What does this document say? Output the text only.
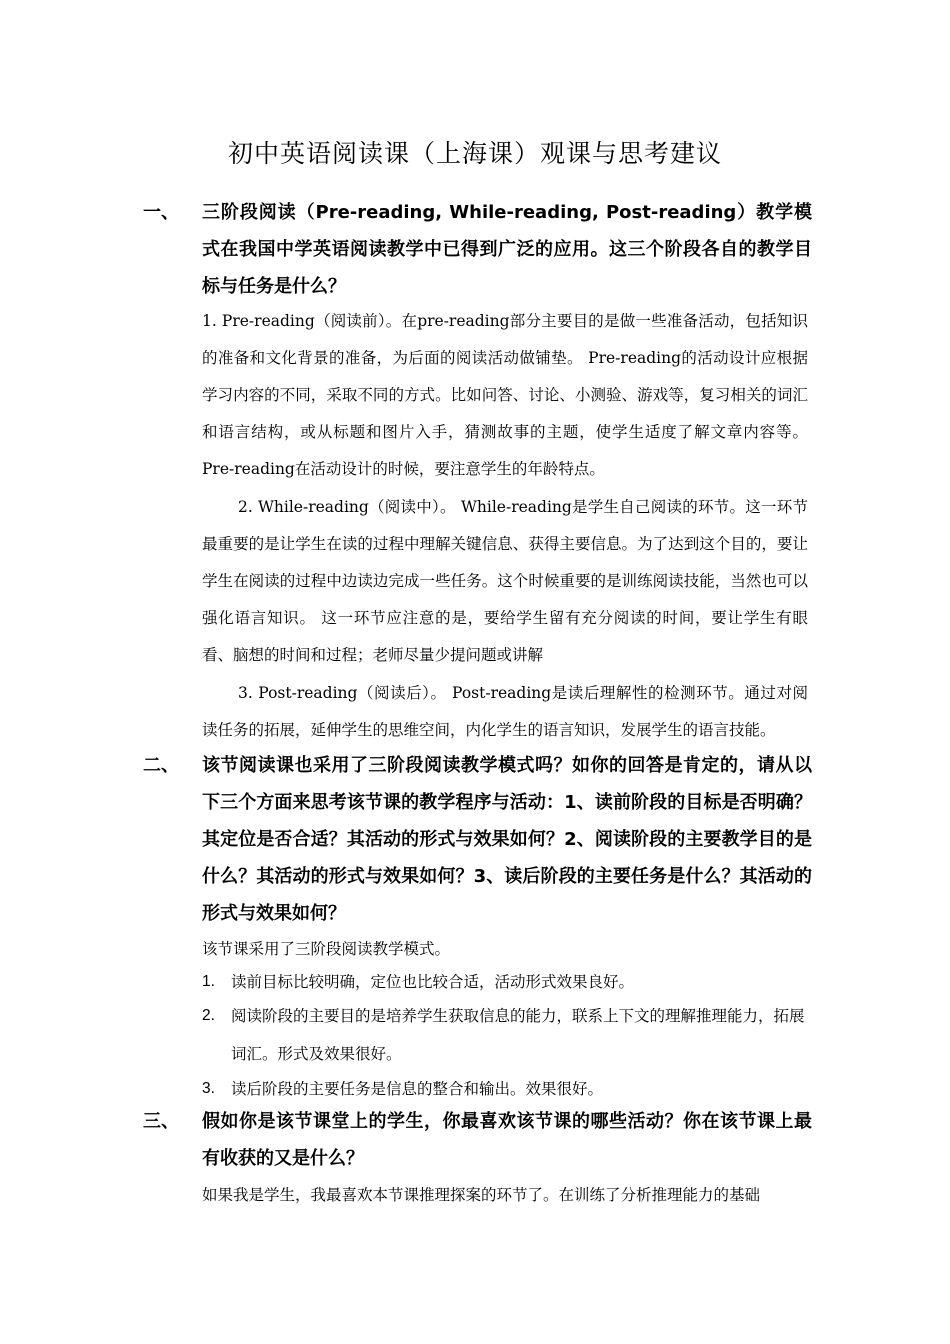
初中英语阅读课（上海课）观课与思考建议
一、 三阶段阅读（Pre-reading, While-reading, Post-reading）教学模式在我国中学英语阅读教学中已得到广泛的应用。这三个阶段各自的教学目标与任务是什么？
1. Pre-reading（阅读前）。在pre-reading部分主要目的是做一些准备活动，包括知识的准备和文化背景的准备，为后面的阅读活动做铺垫。 Pre-reading的活动设计应根据学习内容的不同，采取不同的方式。比如问答、讨论、小测验、游戏等，复习相关的词汇和语言结构，或从标题和图片入手，猜测故事的主题，使学生适度了解文章内容等。 Pre-reading在活动设计的时候，要注意学生的年龄特点。
2. While-reading（阅读中）。 While-reading是学生自己阅读的环节。这一环节最重要的是让学生在读的过程中理解关键信息、获得主要信息。为了达到这个目的，要让学生在阅读的过程中边读边完成一些任务。这个时候重要的是训练阅读技能，当然也可以强化语言知识。 这一环节应注意的是，要给学生留有充分阅读的时间，要让学生有眼看、脑想的时间和过程；老师尽量少提问题或讲解
3. Post-reading（阅读后）。 Post-reading是读后理解性的检测环节。通过对阅读任务的拓展，延伸学生的思维空间，内化学生的语言知识，发展学生的语言技能。
二、 该节阅读课也采用了三阶段阅读教学模式吗？如你的回答是肯定的，请从以下三个方面来思考该节课的教学程序与活动：1、读前阶段的目标是否明确？其定位是否合适？其活动的形式与效果如何？2、阅读阶段的主要教学目的是什么？其活动的形式与效果如何？3、读后阶段的主要任务是什么？其活动的形式与效果如何？
该节课采用了三阶段阅读教学模式。
1. 读前目标比较明确，定位也比较合适，活动形式效果良好。
2. 阅读阶段的主要目的是培养学生获取信息的能力，联系上下文的理解推理能力，拓展词汇。形式及效果很好。
3. 读后阶段的主要任务是信息的整合和输出。效果很好。
三、 假如你是该节课堂上的学生，你最喜欢该节课的哪些活动？你在该节课上最有收获的又是什么？
如果我是学生，我最喜欢本节课推理探案的环节了。在训练了分析推理能力的基础
